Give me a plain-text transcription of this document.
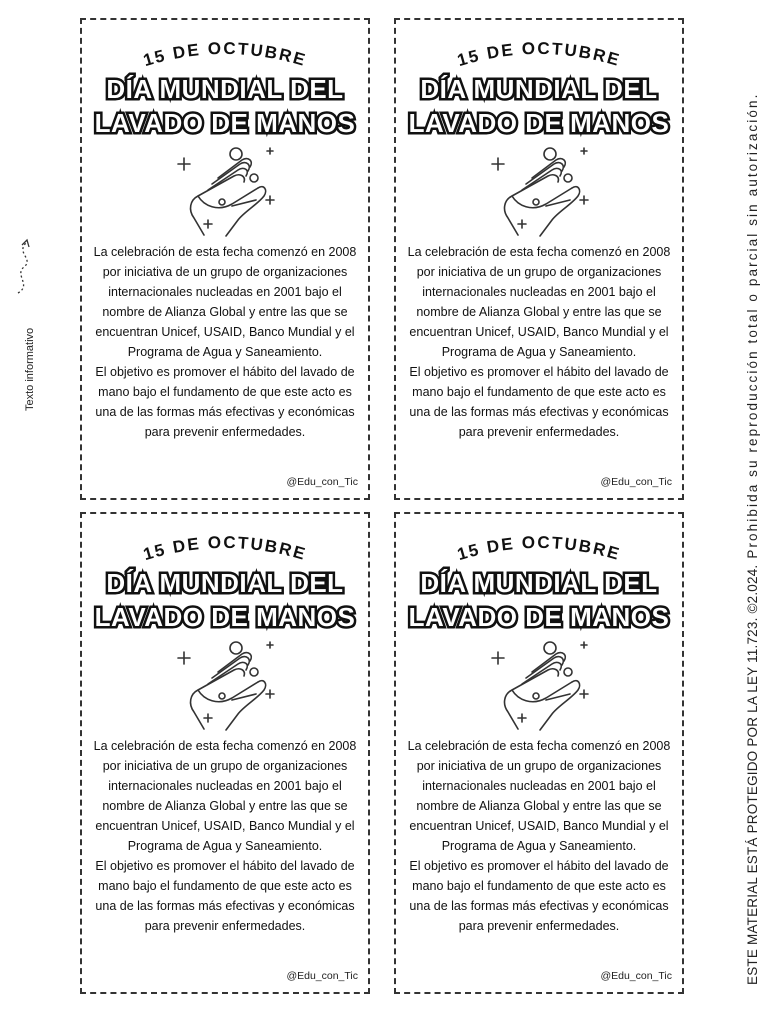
Texto informativo
ESTE MATERIAL ESTÁ PROTEGIDO POR LA LEY 11.723. ©2.024.Prohibida su reproducción total o parcial sin autorización.
15 DE OCTUBRE
DÍA MUNDIAL DEL
LAVADO DE MANOS
La celebración de esta fecha comenzó en 2008 por iniciativa de un grupo de organizaciones internacionales nucleadas en 2001 bajo el nombre de Alianza Global y entre las que se encuentran Unicef, USAID, Banco Mundial y el Programa de Agua y Saneamiento.
El objetivo es promover el hábito del lavado de mano bajo el fundamento de que este acto es una de las formas más efectivas y económicas para prevenir enfermedades.
@Edu_con_Tic
15 DE OCTUBRE
DÍA MUNDIAL DEL
LAVADO DE MANOS
La celebración de esta fecha comenzó en 2008 por iniciativa de un grupo de organizaciones internacionales nucleadas en 2001 bajo el nombre de Alianza Global y entre las que se encuentran Unicef, USAID, Banco Mundial y el Programa de Agua y Saneamiento.
El objetivo es promover el hábito del lavado de mano bajo el fundamento de que este acto es una de las formas más efectivas y económicas para prevenir enfermedades.
@Edu_con_Tic
15 DE OCTUBRE
DÍA MUNDIAL DEL
LAVADO DE MANOS
La celebración de esta fecha comenzó en 2008 por iniciativa de un grupo de organizaciones internacionales nucleadas en 2001 bajo el nombre de Alianza Global y entre las que se encuentran Unicef, USAID, Banco Mundial y el Programa de Agua y Saneamiento.
El objetivo es promover el hábito del lavado de mano bajo el fundamento de que este acto es una de las formas más efectivas y económicas para prevenir enfermedades.
@Edu_con_Tic
15 DE OCTUBRE
DÍA MUNDIAL DEL
LAVADO DE MANOS
La celebración de esta fecha comenzó en 2008 por iniciativa de un grupo de organizaciones internacionales nucleadas en 2001 bajo el nombre de Alianza Global y entre las que se encuentran Unicef, USAID, Banco Mundial y el Programa de Agua y Saneamiento.
El objetivo es promover el hábito del lavado de mano bajo el fundamento de que este acto es una de las formas más efectivas y económicas para prevenir enfermedades.
@Edu_con_Tic
